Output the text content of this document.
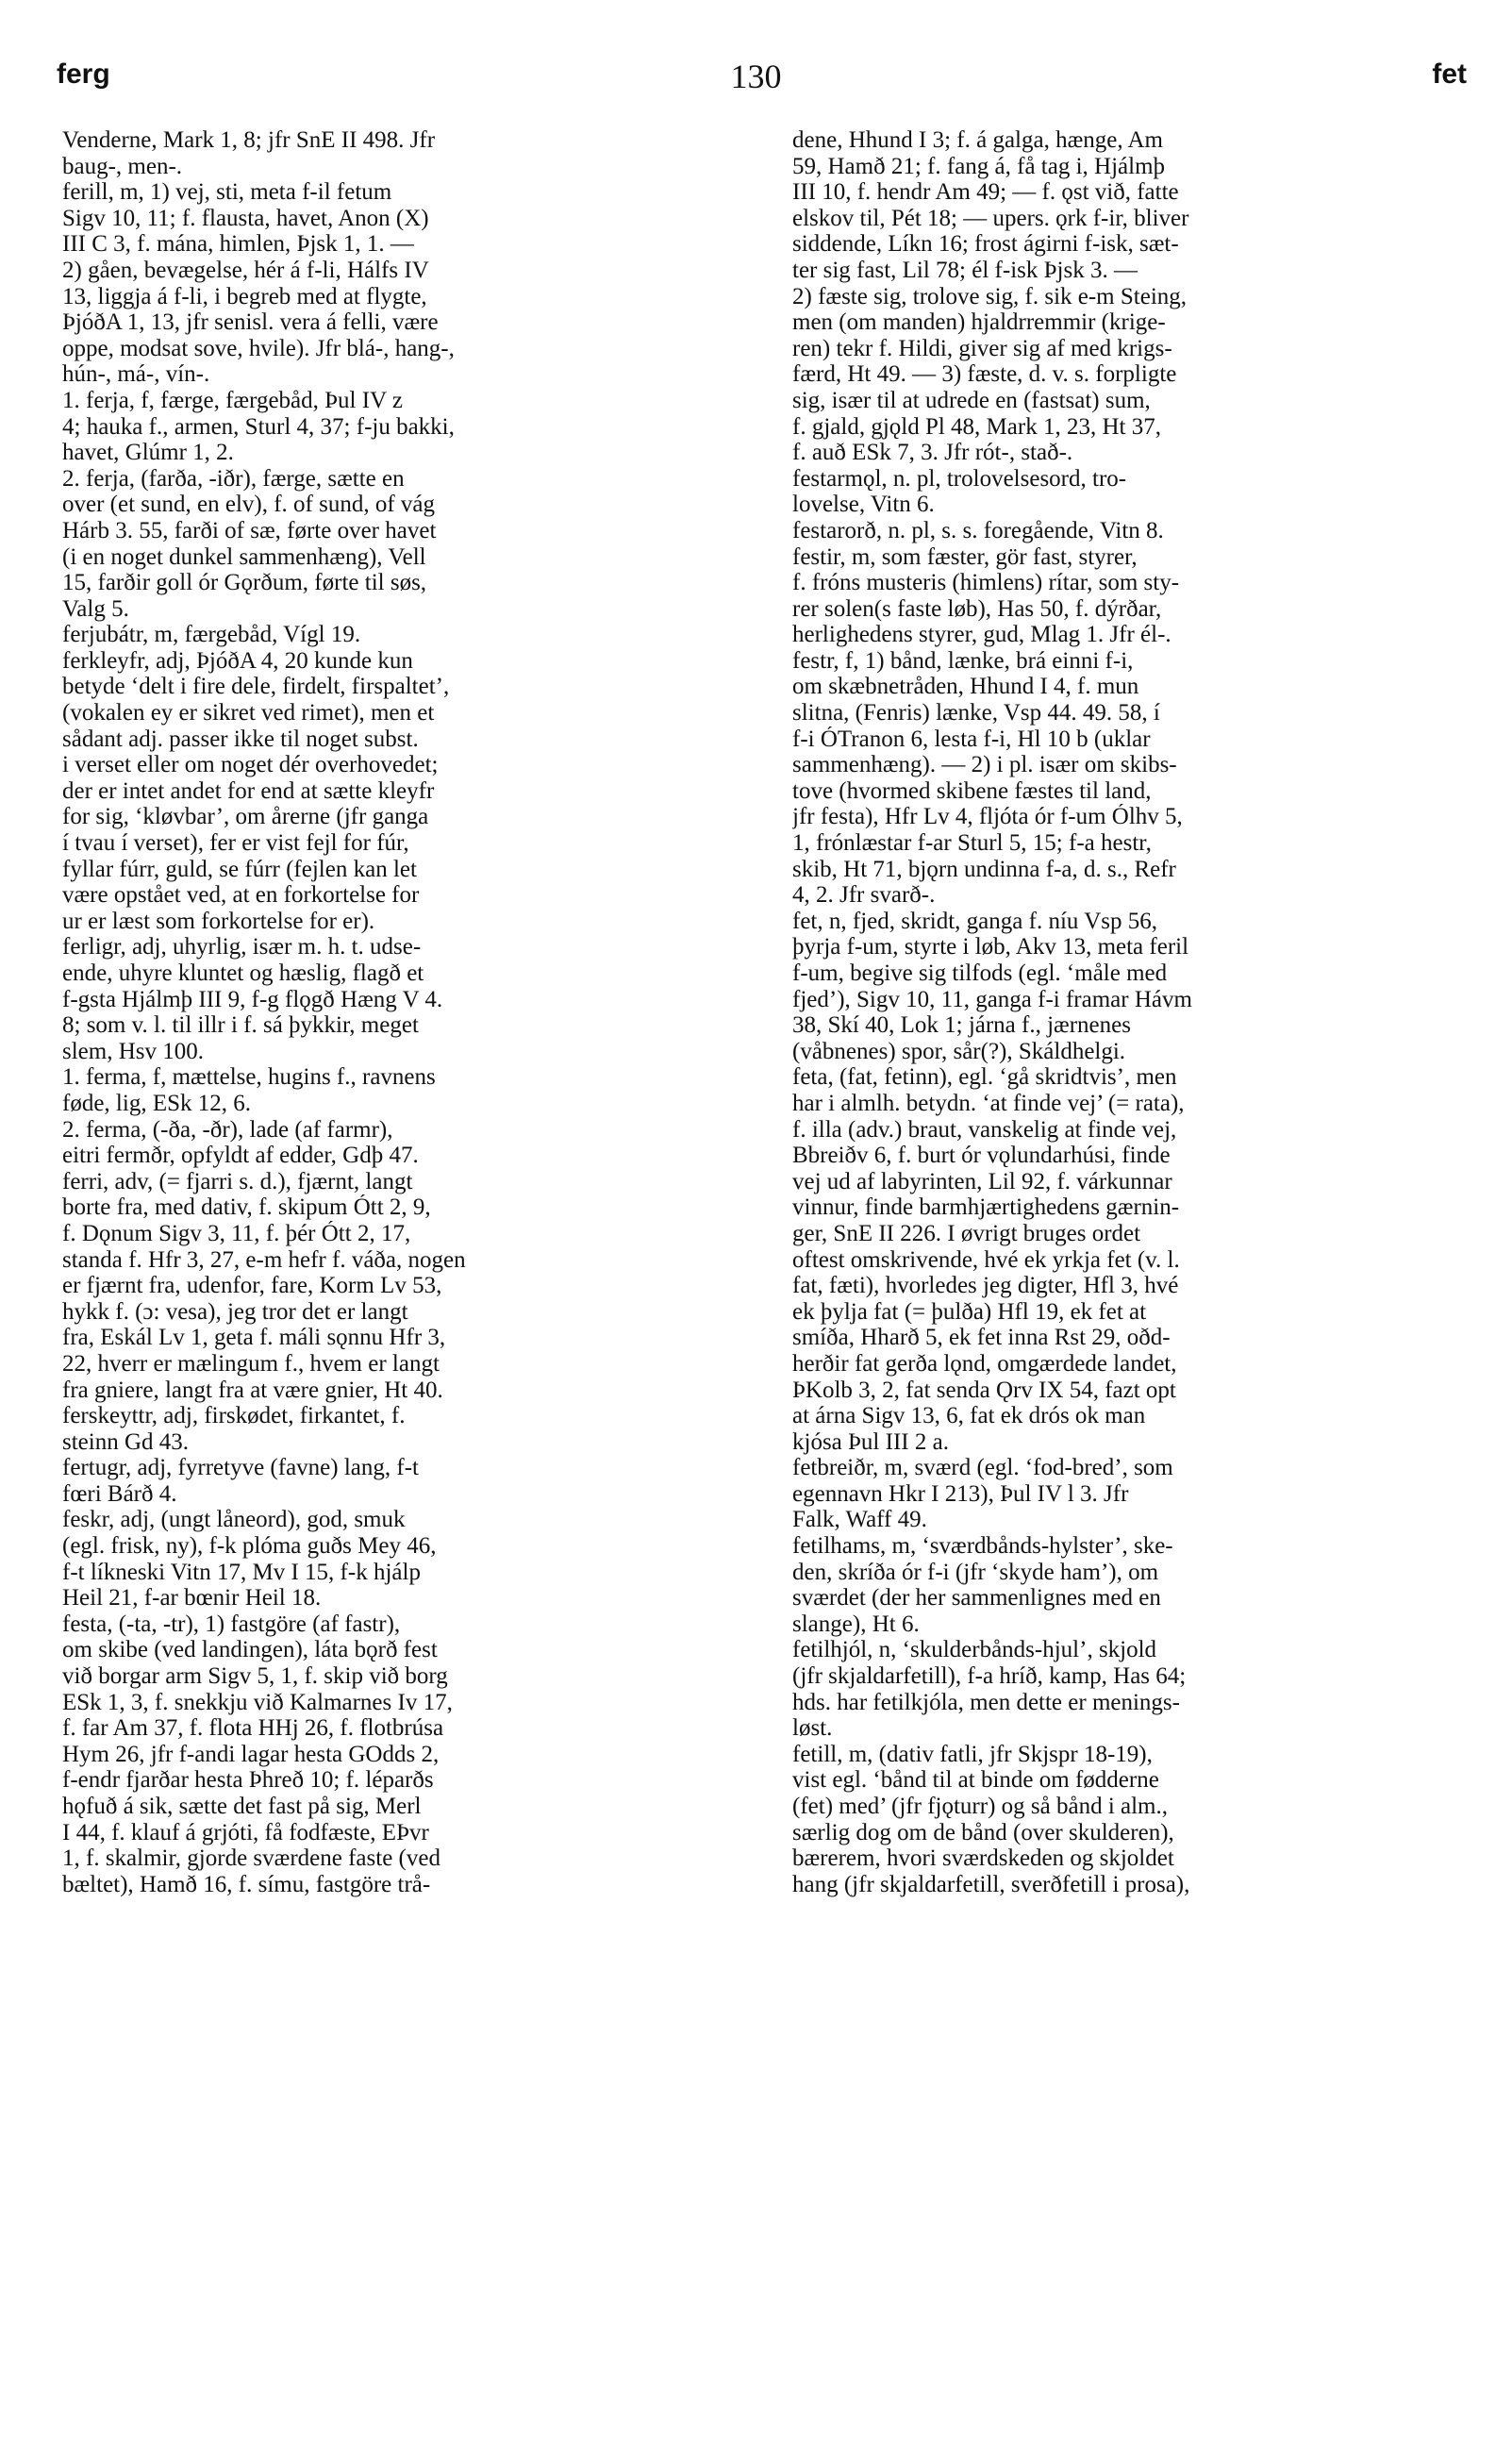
ferg	130	fet
Venderne, Mark 1, 8; jfr SnE II 498. Jfr
baug-, men-.
ferill, m, 1) vej, sti, meta f-il fetum
Sigv 10, 11; f. flausta, havet, Anon (X)
III C 3, f. mána, himlen, Þjsk 1, 1. —
2) gåen, bevægelse, hér á f-li, Hálfs IV
13, liggja á f-li, i begreb med at flygte,
ÞjóðA 1, 13, jfr senisl. vera á felli, være
oppe, modsat sove, hvile). Jfr blá-, hang-,
hún-, má-, vín-.
1. ferja, f, færge, færgebåd, Þul IV z
4; hauka f., armen, Sturl 4, 37; f-ju bakki,
havet, Glúmr 1, 2.
2. ferja, (farða, -iðr), færge, sætte en
over (et sund, en elv), f. of sund, of vág
Hárb 3. 55, farði of sæ, førte over havet
(i en noget dunkel sammenhæng), Vell
15, farðir goll ór Gǫrðum, førte til søs,
Valg 5.
ferjubátr, m, færgebåd, Vígl 19.
ferkleyfr, adj, ÞjóðA 4, 20 kunde kun
betyde ‘delt i fire dele, firdelt, firspaltet’,
(vokalen ey er sikret ved rimet), men et
sådant adj. passer ikke til noget subst.
i verset eller om noget dér overhovedet;
der er intet andet for end at sætte kleyfr
for sig, ‘kløvbar’, om årerne (jfr ganga
í tvau í verset), fer er vist fejl for fúr,
fyllar fúrr, guld, se fúrr (fejlen kan let
være opstået ved, at en forkortelse for
ur er læst som forkortelse for er).
ferligr, adj, uhyrlig, især m. h. t. udse-
ende, uhyre kluntet og hæslig, flagð et
f-gsta Hjálmþ III 9, f-g flǫgð Hæng V 4.
8; som v. l. til illr i f. sá þykkir, meget
slem, Hsv 100.
1. ferma, f, mættelse, hugins f., ravnens
føde, lig, ESk 12, 6.
2. ferma, (-ða, -ðr), lade (af farmr),
eitri fermðr, opfyldt af edder, Gdþ 47.
ferri, adv, (= fjarri s. d.), fjærnt, langt
borte fra, med dativ, f. skipum Ótt 2, 9,
f. Dǫnum Sigv 3, 11, f. þér Ótt 2, 17,
standa f. Hfr 3, 27, e-m hefr f. váða, nogen
er fjærnt fra, udenfor, fare, Korm Lv 53,
hykk f. (ɔ: vesa), jeg tror det er langt
fra, Eskál Lv 1, geta f. máli sǫnnu Hfr 3,
22, hverr er mælingum f., hvem er langt
fra gniere, langt fra at være gnier, Ht 40.
ferskeyttr, adj, firskødet, firkantet, f.
steinn Gd 43.
fertugr, adj, fyrretyve (favne) lang, f-t
fœri Bárð 4.
feskr, adj, (ungt låneord), god, smuk
(egl. frisk, ny), f-k plóma guðs Mey 46,
f-t líkneski Vitn 17, Mv I 15, f-k hjálp
Heil 21, f-ar bœnir Heil 18.
festa, (-ta, -tr), 1) fastgöre (af fastr),
om skibe (ved landingen), láta bǫrð fest
við borgar arm Sigv 5, 1, f. skip við borg
ESk 1, 3, f. snekkju við Kalmarnes Iv 17,
f. far Am 37, f. flota HHj 26, f. flotbrúsa
Hym 26, jfr f-andi lagar hesta GOdds 2,
f-endr fjarðar hesta Þhreð 10; f. léparðs
hǫfuð á sik, sætte det fast på sig, Merl
I 44, f. klauf á grjóti, få fodfæste, EÞvr
1, f. skalmir, gjorde sværdene faste (ved
bæltet), Hamð 16, f. símu, fastgöre trå-
dene, Hhund I 3; f. á galga, hænge, Am
59, Hamð 21; f. fang á, få tag i, Hjálmþ
III 10, f. hendr Am 49; — f. ǫst við, fatte
elskov til, Pét 18; — upers. ǫrk f-ir, bliver
siddende, Líkn 16; frost ágirni f-isk, sæt-
ter sig fast, Lil 78; él f-isk Þjsk 3. —
2) fæste sig, trolove sig, f. sik e-m Steing,
men (om manden) hjaldrremmir (krige-
ren) tekr f. Hildi, giver sig af med krigs-
færd, Ht 49. — 3) fæste, d. v. s. forpligte
sig, især til at udrede en (fastsat) sum,
f. gjald, gjǫld Pl 48, Mark 1, 23, Ht 37,
f. auð ESk 7, 3. Jfr rót-, stað-.
festarmǫl, n. pl, trolovelsesord, tro-
lovelse, Vitn 6.
festarorð, n. pl, s. s. foregående, Vitn 8.
festir, m, som fæster, gör fast, styrer,
f. fróns musteris (himlens) rítar, som sty-
rer solen(s faste løb), Has 50, f. dýrðar,
herlighedens styrer, gud, Mlag 1. Jfr él-.
festr, f, 1) bånd, lænke, brá einni f-i,
om skæbnetråden, Hhund I 4, f. mun
slitna, (Fenris) lænke, Vsp 44. 49. 58, í
f-i ÓTranon 6, lesta f-i, Hl 10 b (uklar
sammenhæng). — 2) i pl. især om skibs-
tove (hvormed skibene fæstes til land,
jfr festa), Hfr Lv 4, fljóta ór f-um Ólhv 5,
1, frónlæstar f-ar Sturl 5, 15; f-a hestr,
skib, Ht 71, bjǫrn undinna f-a, d. s., Refr
4, 2. Jfr svarð-.
fet, n, fjed, skridt, ganga f. níu Vsp 56,
þyrja f-um, styrte i løb, Akv 13, meta feril
f-um, begive sig tilfods (egl. ‘måle med
fjed’), Sigv 10, 11, ganga f-i framar Hávm
38, Skí 40, Lok 1; járna f., jærnenes
(våbnenes) spor, sår(?), Skáldhelgi.
feta, (fat, fetinn), egl. ‘gå skridtvis’, men
har i almlh. betydn. ‘at finde vej’ (= rata),
f. illa (adv.) braut, vanskelig at finde vej,
Bbreiðv 6, f. burt ór vǫlundarhúsi, finde
vej ud af labyrinten, Lil 92, f. várkunnar
vinnur, finde barmhjærtighedens gærnin-
ger, SnE II 226. I øvrigt bruges ordet
oftest omskrivende, hvé ek yrkja fet (v. l.
fat, fæti), hvorledes jeg digter, Hfl 3, hvé
ek þylja fat (= þulða) Hfl 19, ek fet at
smíða, Hharð 5, ek fet inna Rst 29, oðd-
herðir fat gerða lǫnd, omgærdede landet,
ÞKolb 3, 2, fat senda Ǫrv IX 54, fazt opt
at árna Sigv 13, 6, fat ek drós ok man
kjósa Þul III 2 a.
fetbreiðr, m, sværd (egl. ‘fod-bred’, som
egennavn Hkr I 213), Þul IV l 3. Jfr
Falk, Waff 49.
fetilhams, m, ‘sværdbånds-hylster’, ske-
den, skríða ór f-i (jfr ‘skyde ham’), om
sværdet (der her sammenlignes med en
slange), Ht 6.
fetilhjól, n, ‘skulderbånds-hjul’, skjold
(jfr skjaldarfetill), f-a hríð, kamp, Has 64;
hds. har fetilkjóla, men dette er menings-
løst.
fetill, m, (dativ fatli, jfr Skjspr 18-19),
vist egl. ‘bånd til at binde om fødderne
(fet) med’ (jfr fjǫturr) og så bånd i alm.,
særlig dog om de bånd (over skulderen),
bærerem, hvori sværdskeden og skjoldet
hang (jfr skjaldarfetill, sverðfetill i prosa),
